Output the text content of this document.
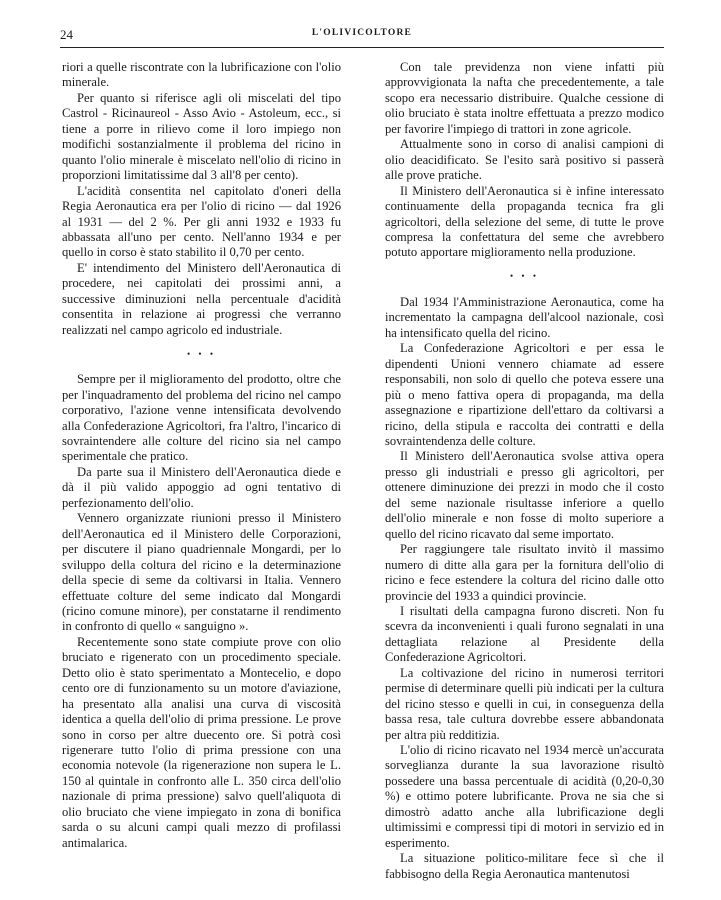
24	L'OLIVICOLTORE

riori a quelle riscontrate con la lubrificazione con l'olio minerale.

Per quanto si riferisce agli oli miscelati del tipo Castrol - Ricinaureol - Asso Avio - Astoleum, ecc., si tiene a porre in rilievo come il loro impiego non modifichi sostanzialmente il problema del ricino in quanto l'olio minerale è miscelato nell'olio di ricino in proporzioni limitatissime dal 3 all'8 per cento).

L'acidità consentita nel capitolato d'oneri della Regia Aeronautica era per l'olio di ricino — dal 1926 al 1931 — del 2 %. Per gli anni 1932 e 1933 fu abbassata all'uno per cento. Nell'anno 1934 e per quello in corso è stato stabilito il 0,70 per cento.

E' intendimento del Ministero dell'Aeronautica di procedere, nei capitolati dei prossimi anni, a successive diminuzioni nella percentuale d'acidità consentita in relazione ai progressi che verranno realizzati nel campo agricolo ed industriale.

• • •

Sempre per il miglioramento del prodotto, oltre che per l'inquadramento del problema del ricino nel campo corporativo, l'azione venne intensificata devolvendo alla Confederazione Agricoltori, fra l'altro, l'incarico di sovraintendere alle colture del ricino sia nel campo sperimentale che pratico.

Da parte sua il Ministero dell'Aeronautica diede e dà il più valido appoggio ad ogni tentativo di perfezionamento dell'olio.

Vennero organizzate riunioni presso il Ministero dell'Aeronautica ed il Ministero delle Corporazioni, per discutere il piano quadriennale Mongardi, per lo sviluppo della coltura del ricino e la determinazione della specie di seme da coltivarsi in Italia. Vennero effettuate colture del seme indicato dal Mongardi (ricino comune minore), per constatarne il rendimento in confronto di quello « sanguigno ».

Recentemente sono state compiute prove con olio bruciato e rigenerato con un procedimento speciale. Detto olio è stato sperimentato a Montecelio, e dopo cento ore di funzionamento su un motore d'aviazione, ha presentato alla analisi una curva di viscosità identica a quella dell'olio di prima pressione. Le prove sono in corso per altre duecento ore. Si potrà così rigenerare tutto l'olio di prima pressione con una economia notevole (la rigenerazione non supera le L. 150 al quintale in confronto alle L. 350 circa dell'olio nazionale di prima pressione) salvo quell'aliquota di olio bruciato che viene impiegato in zona di bonifica sarda o su alcuni campi quali mezzo di profilassi antimalarica.

Con tale previdenza non viene infatti più approvvigionata la nafta che precedentemente, a tale scopo era necessario distribuire. Qualche cessione di olio bruciato è stata inoltre effettuata a prezzo modico per favorire l'impiego di trattori in zone agricole.

Attualmente sono in corso di analisi campioni di olio deacidificato. Se l'esito sarà positivo si passerà alle prove pratiche.

Il Ministero dell'Aeronautica si è infine interessato continuamente della propaganda tecnica fra gli agricoltori, della selezione del seme, di tutte le prove compresa la confettatura del seme che avrebbero potuto apportare miglioramento nella produzione.

• • •

Dal 1934 l'Amministrazione Aeronautica, come ha incrementato la campagna dell'alcool nazionale, così ha intensificato quella del ricino.

La Confederazione Agricoltori e per essa le dipendenti Unioni vennero chiamate ad essere responsabili, non solo di quello che poteva essere una più o meno fattiva opera di propaganda, ma della assegnazione e ripartizione dell'ettaro da coltivarsi a ricino, della stipula e raccolta dei contratti e della sovraintendenza delle colture.

Il Ministero dell'Aeronautica svolse attiva opera presso gli industriali e presso gli agricoltori, per ottenere diminuzione dei prezzi in modo che il costo del seme nazionale risultasse inferiore a quello dell'olio minerale e non fosse di molto superiore a quello del ricino ricavato dal seme importato.

Per raggiungere tale risultato invitò il massimo numero di ditte alla gara per la fornitura dell'olio di ricino e fece estendere la coltura del ricino dalle otto provincie del 1933 a quindici provincie.

I risultati della campagna furono discreti. Non fu scevra da inconvenienti i quali furono segnalati in una dettagliata relazione al Presidente della Confederazione Agricoltori.

La coltivazione del ricino in numerosi territori permise di determinare quelli più indicati per la cultura del ricino stesso e quelli in cui, in conseguenza della bassa resa, tale cultura dovrebbe essere abbandonata per altra più redditizia.

L'olio di ricino ricavato nel 1934 mercè un'accurata sorveglianza durante la sua lavorazione risultò possedere una bassa percentuale di acidità (0,20-0,30 %) e ottimo potere lubrificante. Prova ne sia che si dimostrò adatto anche alla lubrificazione degli ultimissimi e compressi tipi di motori in servizio ed in esperimento.

La situazione politico-militare fece sì che il fabbisogno della Regia Aeronautica mantenutosi
